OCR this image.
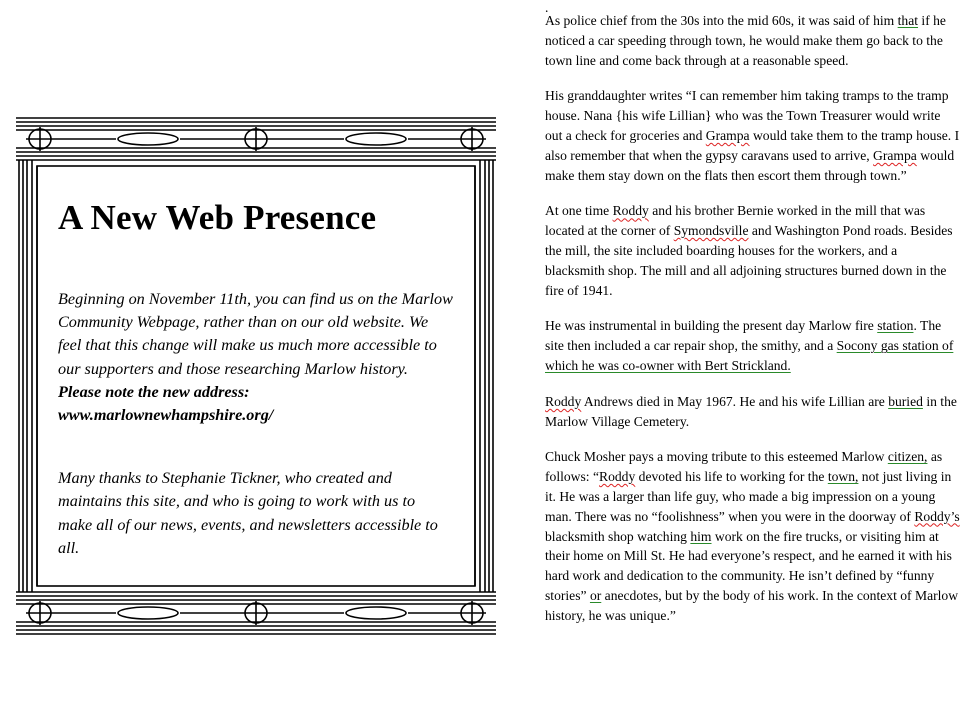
A New Web Presence

Beginning on November 11th, you can find us on the Marlow Community Webpage, rather than on our old website. We feel that this change will make us much more accessible to our supporters and those researching Marlow history. Please note the new address: www.marlownewhampshire.org/

Many thanks to Stephanie Tickner, who created and maintains this site, and who is going to work with us to make all of our news, events, and newsletters accessible to all.

.

As police chief from the 30s into the mid 60s, it was said of him that if he noticed a car speeding through town, he would make them go back to the town line and come back through at a reasonable speed.

His granddaughter writes “I can remember him taking tramps to the tramp house. Nana {his wife Lillian} who was the Town Treasurer would write out a check for groceries and Grampa would take them to the tramp house. I also remember that when the gypsy caravans used to arrive, Grampa would make them stay down on the flats then escort them through town.”

At one time Roddy and his brother Bernie worked in the mill that was located at the corner of Symondsville and Washington Pond roads. Besides the mill, the site included boarding houses for the workers, and a blacksmith shop. The mill and all adjoining structures burned down in the fire of 1941.

He was instrumental in building the present day Marlow fire station. The site then included a car repair shop, the smithy, and a Socony gas station of which he was co-owner with Bert Strickland.

Roddy Andrews died in May 1967. He and his wife Lillian are buried in the Marlow Village Cemetery.

Chuck Mosher pays a moving tribute to this esteemed Marlow citizen, as follows: “Roddy devoted his life to working for the town, not just living in it. He was a larger than life guy, who made a big impression on a young man. There was no “foolishness” when you were in the doorway of Roddy’s blacksmith shop watching him work on the fire trucks, or visiting him at their home on Mill St. He had everyone’s respect, and he earned it with his hard work and dedication to the community. He isn’t defined by “funny stories” or anecdotes, but by the body of his work. In the context of Marlow history, he was unique.”
